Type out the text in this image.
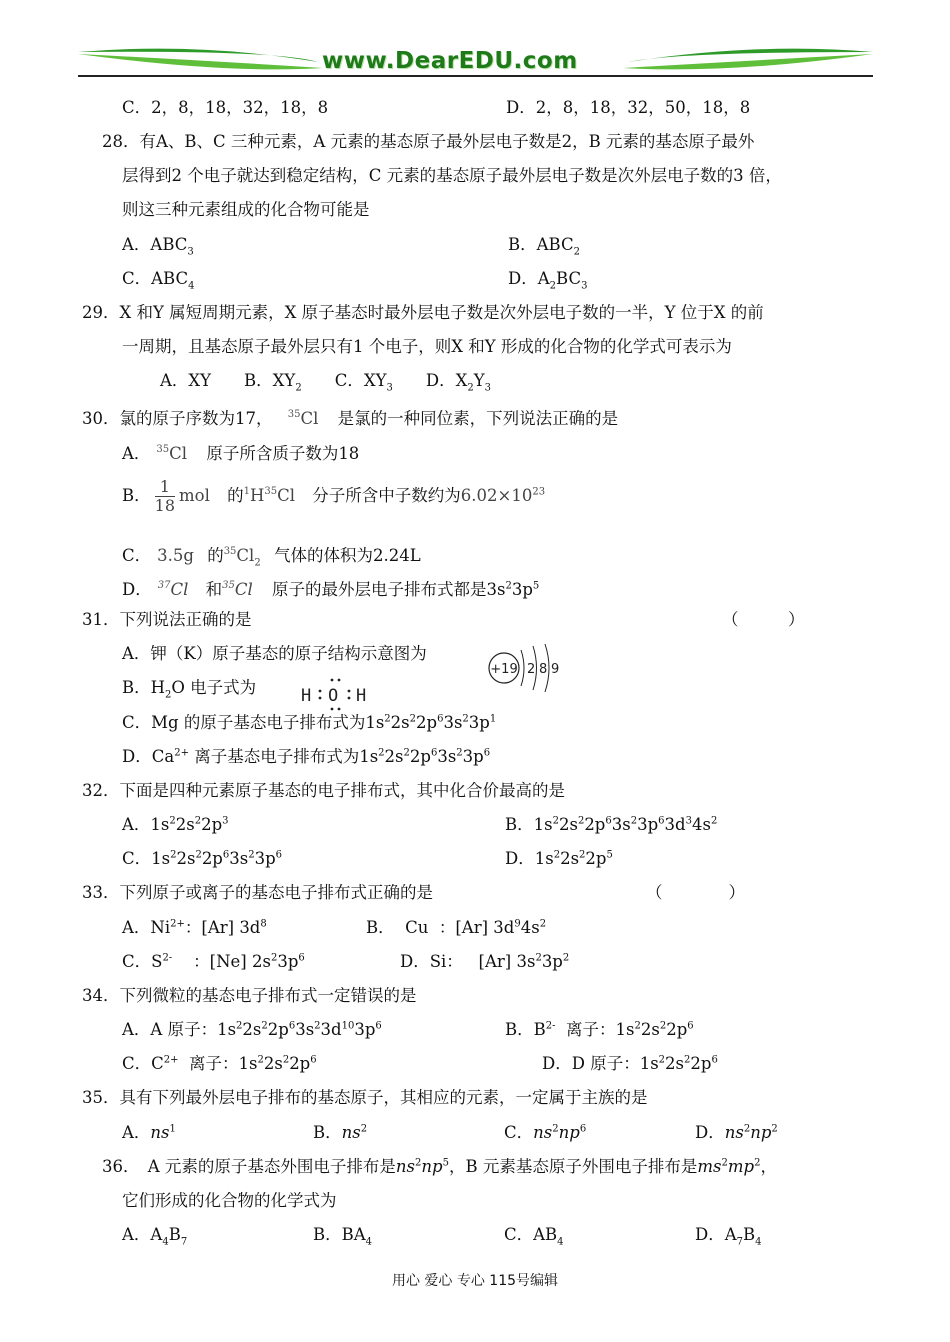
www.DearEDU.com
C．2，8，18，32，18，8	D．2，8，18，32，50，18，8
28．有A、B、C 三种元素，A 元素的基态原子最外层电子数是2，B 元素的基态原子最外
层得到2 个电子就达到稳定结构，C 元素的基态原子最外层电子数是次外层电子数的3 倍，
则这三种元素组成的化合物可能是
A．$ABC_3$	B．$ABC_2$
C．$ABC_4$	D．$A_2BC_3$
29．X 和Y 属短周期元素，X 原子基态时最外层电子数是次外层电子数的一半，Y 位于X 的前
一周期，且基态原子最外层只有1 个电子，则X 和Y 形成的化合物的化学式可表示为
A．XY　　B．$XY_2$　　C．$XY_3$　　D．$X_2Y_3$
30．氯的原子序数为17， $^{35}$Cl 是氯的一种同位素，下列说法正确的是
A． $^{35}$Cl 原子所含质子数为18
B． $\frac{1}{18}$ mol 的$^1H^{35}Cl$ 分子所含中子数约为$6.02\times 10^{23}$
C． 3.5g 的$^{35}Cl_2$ 气体的体积为2.24L
D． $^{37}$Cl 和$^{35}$Cl 原子的最外层电子排布式都是$3s^23p^5$
31．下列说法正确的是	（　　　）
A．钾（K）原子基态的原子结构示意图为
+19 2 8 9
B．$H_2O$ 电子式为	H O H
C．Mg 的原子基态电子排布式为$1s^22s^22p^63s^23p^1$
D．$Ca^{2+}$ 离子基态电子排布式为$1s^22s^22p^63s^23p^6$
32．下面是四种元素原子基态的电子排布式，其中化合价最高的是
A．$1s^22s^22p^3$	B．$1s^22s^22p^63s^23p^63d^34s^2$
C．$1s^22s^22p^63s^23p^6$	D．$1s^22s^22p^5$
33．下列原子或离子的基态电子排布式正确的是	（　　　　）
A．$Ni^{2+}$：[Ar] $3d^8$	B．  Cu  ：[Ar] $3d^94s^2$
C．$S^{2-}$    ：[Ne] $2s^23p^6$	D．Si：   [Ar] $3s^23p^2$
34．下列微粒的基态电子排布式一定错误的是
A．A 原子：$1s^22s^22p^63s^23d^{10}3p^6$	B．$B^{2-}$  离子：$1s^22s^22p^6$
C．$C^{2+}$  离子：$1s^22s^22p^6$	D．D 原子：$1s^22s^22p^6$
35．具有下列最外层电子排布的基态原子，其相应的元素，一定属于主族的是
A．$ns^1$	B．$ns^2$	C．$ns^2np^6$	D．$ns^2np^2$
36．　A 元素的原子基态外围电子排布是$ns^2np^5$，B 元素基态原子外围电子排布是$ms^2mp^2$，
它们形成的化合物的化学式为
A．$A_4B_7$	B．$BA_4$	C．$AB_4$	D．$A_7B_4$
用心 爱心 专心 115号编辑
